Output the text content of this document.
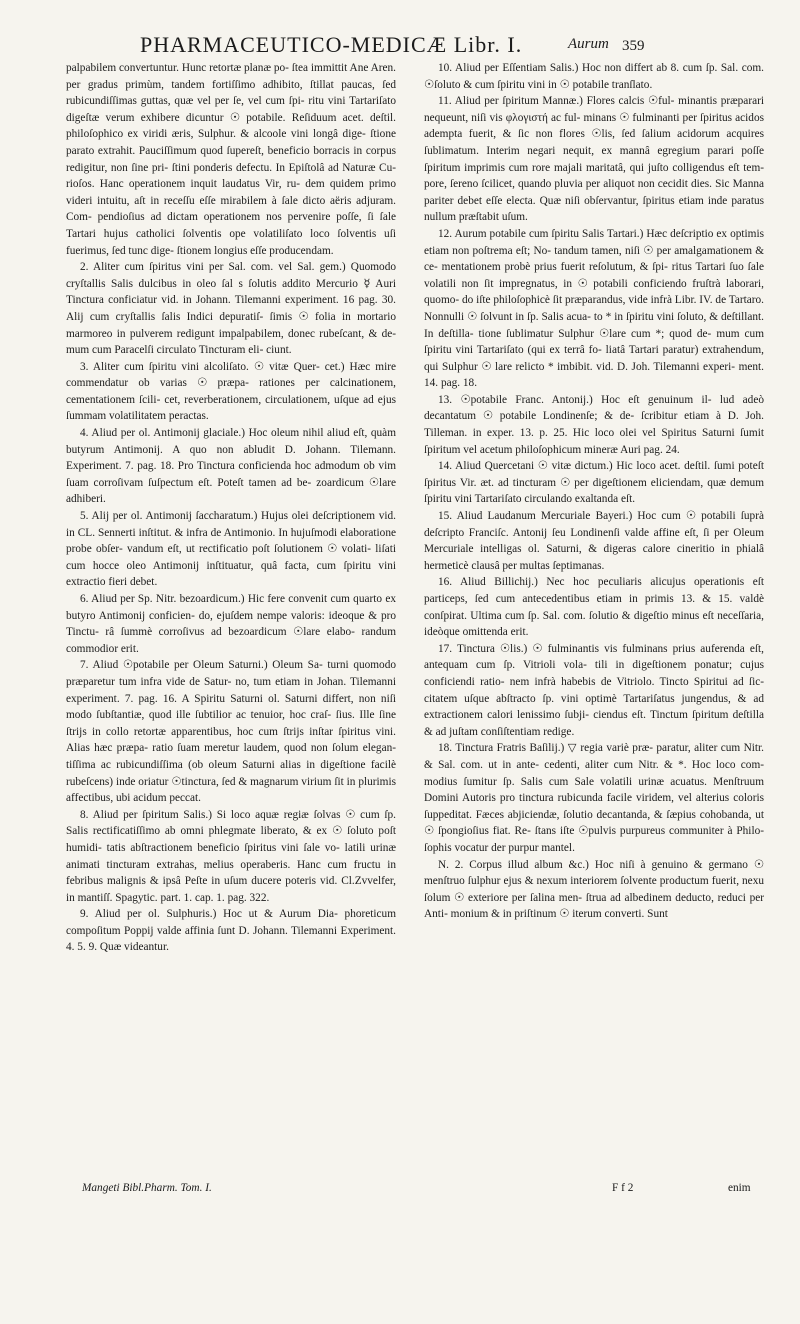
PHARMACEUTICO-MEDICÆ Libr. I.	Aurum 359

palpabilem convertuntur. Hunc retortæ planæ po- ſtea immittit Ane Aren. per gradus primùm, tandem fortiſſimo adhibito, ſtillat paucas, ſed rubicundiſſimas guttas, quæ vel per ſe, vel cum ſpi- ritu vini Tartariſato digeſtæ verum exhibere dicuntur ☉ potabile. Reſiduum acet. deſtil. philoſophico ex viridi æris, Sulphur. & alcoole vini longâ dige- ſtione parato extrahit. Pauciſſimum quod ſupereſt, beneficio borracis in corpus redigitur, non ſine pri- ſtini ponderis defectu. In Epiſtolâ ad Naturæ Cu- rioſos. Hanc operationem inquit laudatus Vir, ru- dem quidem primo videri intuitu, aſt in receſſu eſſe mirabilem à ſale dicto aëris adjuram. Com- pendioſius ad dictam operationem nos pervenire poſſe, ſi ſale Tartari hujus catholici ſolventis ope volatiliſato loco ſolventis uſi fuerimus, ſed tunc dige- ſtionem longius eſſe producendam.

2. Aliter cum ſpiritus vini per Sal. com. vel Sal. gem.) Quomodo cryſtallis Salis dulcibus in oleo ſal s ſolutis addito Mercurio ☿ Auri Tinctura conficiatur vid. in Johann. Tilemanni experiment. 16 pag. 30. Alij cum cryſtallis ſalis Indici depuratiſ- ſimis ☉ folia in mortario marmoreo in pulverem redigunt impalpabilem, donec rubeſcant, & de- mum cum Paracelſi circulato Tincturam eli- ciunt.

3. Aliter cum ſpiritu vini alcoliſato. ☉ vitæ Quer- cet.) Hæc mire commendatur ob varias ☉ præpa- rationes per calcinationem, cementationem ſcili- cet, reverberationem, circulationem, uſque ad ejus ſummam volatilitatem peractas.

4. Aliud per ol. Antimonij glaciale.) Hoc oleum nihil aliud eſt, quàm butyrum Antimonij. A quo non abludit D. Johann. Tilemann. Experiment. 7. pag. 18. Pro Tinctura conficienda hoc admodum ob vim ſuam corroſivam ſuſpectum eſt. Poteſt tamen ad be- zoardicum ☉lare adhiberi.

5. Alij per ol. Antimonij ſaccharatum.) Hujus olei deſcriptionem vid. in CL. Sennerti inſtitut. & infra de Antimonio. In hujuſmodi elaboratione probe obſer- vandum eſt, ut rectificatio poſt ſolutionem ☉ volati- liſati cum hocce oleo Antimonij inſtituatur, quâ facta, cum ſpiritu vini extractio fieri debet.

6. Aliud per Sp. Nitr. bezoardicum.) Hic fere convenit cum quarto ex butyro Antimonij conficien- do, ejuſdem nempe valoris: ideoque & pro Tinctu- râ ſummè corroſivus ad bezoardicum ☉lare elabo- randum commodior erit.

7. Aliud ☉potabile per Oleum Saturni.) Oleum Sa- turni quomodo præparetur tum infra vide de Satur- no, tum etiam in Johan. Tilemanni experiment. 7. pag. 16. A Spiritu Saturni ol. Saturni differt, non niſi modo ſubſtantiæ, quod ille ſubtilior ac tenuior, hoc craſ- ſius. Ille ſine ſtrijs in collo retortæ apparentibus, hoc cum ſtrijs inſtar ſpiritus vini. Alias hæc præpa- ratio ſuam meretur laudem, quod non ſolum elegan- tiſſima ac rubicundiſſima (ob oleum Saturni alias in digeſtione facilè rubeſcens) inde oriatur ☉tinctura, ſed & magnarum virium ſit in plurimis affectibus, ubi acidum peccat.

8. Aliud per ſpiritum Salis.) Si loco aquæ regiæ ſolvas ☉ cum ſp. Salis rectificatiſſimo ab omni phlegmate liberato, & ex ☉ ſoluto poſt humidi- tatis abſtractionem beneficio ſpiritus vini ſale vo- latili urinæ animati tincturam extrahas, melius operaberis. Hanc cum fructu in febribus malignis & ipsâ Peſte in uſum ducere poteris vid. Cl.Zvvelfer, in mantiſſ. Spagytic. part. 1. cap. 1. pag. 322.

9. Aliud per ol. Sulphuris.) Hoc ut & Aurum Dia- phoreticum compoſitum Poppij valde affinia ſunt D. Johann. Tilemanni Experiment. 4. 5. 9. Quæ videantur.

10. Aliud per Eſſentiam Salis.) Hoc non differt ab 8. cum ſp. Sal. com. ☉ſoluto & cum ſpiritu vini in ☉ potabile tranſlato.

11. Aliud per ſpiritum Mannæ.) Flores calcis ☉ful- minantis præparari nequeunt, niſi vis φλογιστή ac ful- minans ☉ fulminanti per ſpiritus acidos adempta fuerit, & ſic non flores ☉lis, ſed ſalium acidorum acquires ſublimatum. Interim negari nequit, ex mannâ egregium parari poſſe ſpiritum imprimis cum rore majali maritatâ, qui juſto colligendus eſt tem- pore, ſereno ſcilicet, quando pluvia per aliquot non cecidit dies. Sic Manna pariter debet eſſe electa. Quæ niſi obſervantur, ſpiritus etiam inde paratus nullum præſtabit uſum.

12. Aurum potabile cum ſpiritu Salis Tartari.) Hæc deſcriptio ex optimis etiam non poſtrema eſt; No- tandum tamen, niſi ☉ per amalgamationem & ce- mentationem probè prius fuerit reſolutum, & ſpi- ritus Tartari ſuo ſale volatili non ſit impregnatus, in ☉ potabili conficiendo fruſtrà laborari, quomo- do iſte philoſophicè ſit præparandus, vide infrà Libr. IV. de Tartaro. Nonnulli ☉ ſolvunt in ſp. Salis acua- to * in ſpiritu vini ſoluto, & deſtillant. In deſtilla- tione ſublimatur Sulphur ☉lare cum *; quod de- mum cum ſpiritu vini Tartariſato (qui ex terrâ fo- liatâ Tartari paratur) extrahendum, qui Sulphur ☉ lare relicto * imbibit. vid. D. Joh. Tilemanni experi- ment. 14. pag. 18.

13. ☉potabile Franc. Antonij.) Hoc eſt genuinum il- lud adeò decantatum ☉ potabile Londinenſe; & de- ſcribitur etiam à D. Joh. Tilleman. in exper. 13. p. 25. Hic loco olei vel Spiritus Saturni ſumit ſpiritum vel acetum philoſophicum mineræ Auri pag. 24.

14. Aliud Quercetani ☉ vitæ dictum.) Hic loco acet. deſtil. ſumi poteſt ſpiritus Vir. æt. ad tincturam ☉ per digeſtionem eliciendam, quæ demum ſpiritu vini Tartariſato circulando exaltanda eſt.

15. Aliud Laudanum Mercuriale Bayeri.) Hoc cum ☉ potabili ſuprà deſcripto Franciſc. Antonij ſeu Londinenſi valde affine eſt, ſi per Oleum Mercuriale intelligas ol. Saturni, & digeras calore cineritio in phialâ hermeticè clausâ per multas ſeptimanas.

16. Aliud Billichij.) Nec hoc peculiaris alicujus operationis eſt particeps, ſed cum antecedentibus etiam in primis 13. & 15. valdè conſpirat. Ultima cum ſp. Sal. com. ſolutio & digeſtio minus eſt neceſſaria, ideòque omittenda erit.

17. Tinctura ☉lis.) ☉ fulminantis vis fulminans prius auferenda eſt, antequam cum ſp. Vitrioli vola- tili in digeſtionem ponatur; cujus conficiendi ratio- nem infrà habebis de Vitriolo. Tincto Spiritui ad ſic- citatem uſque abſtracto ſp. vini optimè Tartariſatus jungendus, & ad extractionem calori lenissimo ſubji- ciendus eſt. Tinctum ſpiritum deſtilla & ad juſtam conſiſtentiam redige.

18. Tinctura Fratris Baſilij.) ▽ regia variè præ- paratur, aliter cum Nitr. & Sal. com. ut in ante- cedenti, aliter cum Nitr. & *. Hoc loco com- modius ſumitur ſp. Salis cum Sale volatili urinæ acuatus. Menſtruum Domini Autoris pro tinctura rubicunda facile viridem, vel alterius coloris ſuppeditat. Fæces abjiciendæ, ſolutio decantanda, & ſæpius cohobanda, ut ☉ ſpongioſius fiat. Re- ſtans iſte ☉pulvis purpureus communiter à Philo- ſophis vocatur der purpur mantel.

N. 2. Corpus illud album &c.) Hoc niſi à genuino & germano ☉ menſtruo ſulphur ejus & nexum interiorem ſolvente productum fuerit, nexu ſolum ☉ exteriore per ſalina men- ſtrua ad albedinem deducto, reduci per Anti- monium & in priſtinum ☉ iterum converti. Sunt

Mangeti Bibl.Pharm. Tom. I.	F f 2	enim
